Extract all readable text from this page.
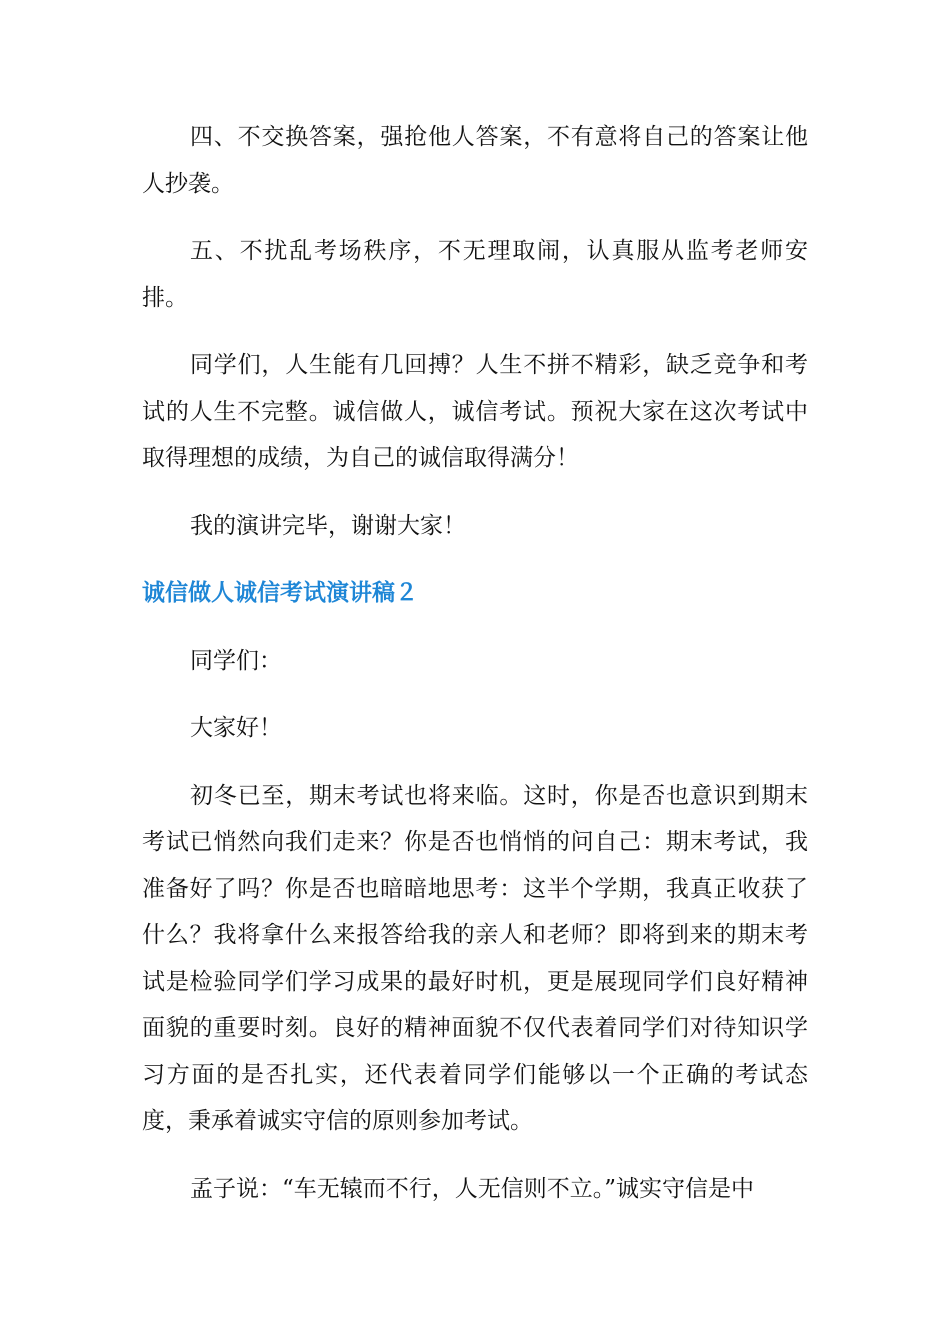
四、不交换答案，强抢他人答案，不有意将自己的答案让他人抄袭。

五、不扰乱考场秩序，不无理取闹，认真服从监考老师安排。

同学们，人生能有几回搏？人生不拼不精彩，缺乏竞争和考试的人生不完整。诚信做人，诚信考试。预祝大家在这次考试中取得理想的成绩，为自己的诚信取得满分！

我的演讲完毕，谢谢大家！

诚信做人诚信考试演讲稿２

同学们：

大家好！

初冬已至，期末考试也将来临。这时，你是否也意识到期末考试已悄然向我们走来？你是否也悄悄的问自己：期末考试，我准备好了吗？你是否也暗暗地思考：这半个学期，我真正收获了什么？我将拿什么来报答给我的亲人和老师？即将到来的期末考试是检验同学们学习成果的最好时机，更是展现同学们良好精神面貌的重要时刻。良好的精神面貌不仅代表着同学们对待知识学习方面的是否扎实，还代表着同学们能够以一个正确的考试态度，秉承着诚实守信的原则参加考试。

孟子说：“车无辕而不行，人无信则不立。”诚实守信是中
